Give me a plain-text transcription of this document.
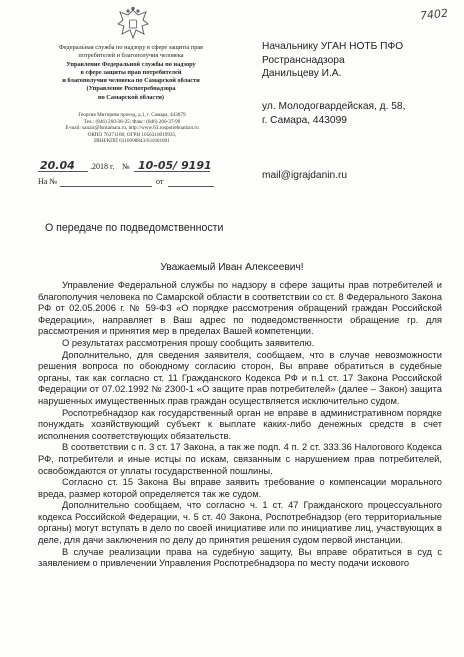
7402
Федеральная служба по надзору в сфере защиты прав
потребителей и благополучия человека
Управление Федеральной службы по надзору
в сфере защиты прав потребителей
и благополучия человека по Самарской области
(Управление Роспотребнадзора
по Самарской области)
Георгия Митирева проезд, д.1, г. Самара, 443079
Тел.: (846) 260-38-25; Факс: (846) 260-37-99
E-mail: sanzir@fsnsamara.ru, http://www.63.rospotrebnadzor.ru
ОКПО 76371168, ОГРН 1056316019935,
ИНН/КПП 6316098843/631601001
20.04 .2018 г. № 10-05/ 9191
На №	от
Начальнику УГАН НОТБ ПФО
Ространснадзора
Данильцеву И.А.
ул. Молодогвардейская, д. 58,
г. Самара, 443099
mail@igrajdanin.ru
О передаче по подведомственности
Уважаемый Иван Алексеевич!

Управление Федеральной службы по надзору в сфере защиты прав потребителей и благополучия человека по Самарской области в соответствии со ст. 8 Федерального Закона РФ от 02.05.2006 г. № 59-ФЗ «О порядке рассмотрения обращений граждан Российской Федерации», направляет в Ваш адрес по подведомственности обращение гр. для рассмотрения и принятия мер в пределах Вашей компетенции.

О результатах рассмотрения прошу сообщить заявителю.

Дополнительно, для сведения заявителя, сообщаем, что в случае невозможности решения вопроса по обоюдному согласию сторон, Вы вправе обратиться в судебные органы, так как согласно ст. 11 Гражданского Кодекса РФ и п.1 ст. 17 Закона Российской Федерации от 07.02.1992 № 2300-1 «О защите прав потребителей» (далее – Закон) защита нарушенных имущественных прав граждан осуществляется исключительно судом.

Роспотребнадзор как государственный орган не вправе в административном порядке понуждать хозяйствующий субъект к выплате каких-либо денежных средств в счет исполнения соответствующих обязательств.

В соответствии с п. 3 ст. 17 Закона, а так же подп. 4 п. 2 ст. 333.36 Налогового Кодекса РФ, потребители и иные истцы по искам, связанным с нарушением прав потребителей, освобождаются от уплаты государственной пошлины.

Согласно ст. 15 Закона Вы вправе заявить требование о компенсации морального вреда, размер которой определяется так же судом.

Дополнительно сообщаем, что согласно ч. 1 ст. 47 Гражданского процессуального кодекса Российской Федерации, ч. 5 ст. 40 Закона, Роспотребнадзор (его территориальные органы) могут вступать в дело по своей инициативе или по инициативе лиц, участвующих в деле, для дачи заключения по делу до принятия решения судом первой инстанции.

В случае реализации права на судебную защиту, Вы вправе обратиться в суд с заявлением о привлечении Управления Роспотребнадзора по месту подачи искового
